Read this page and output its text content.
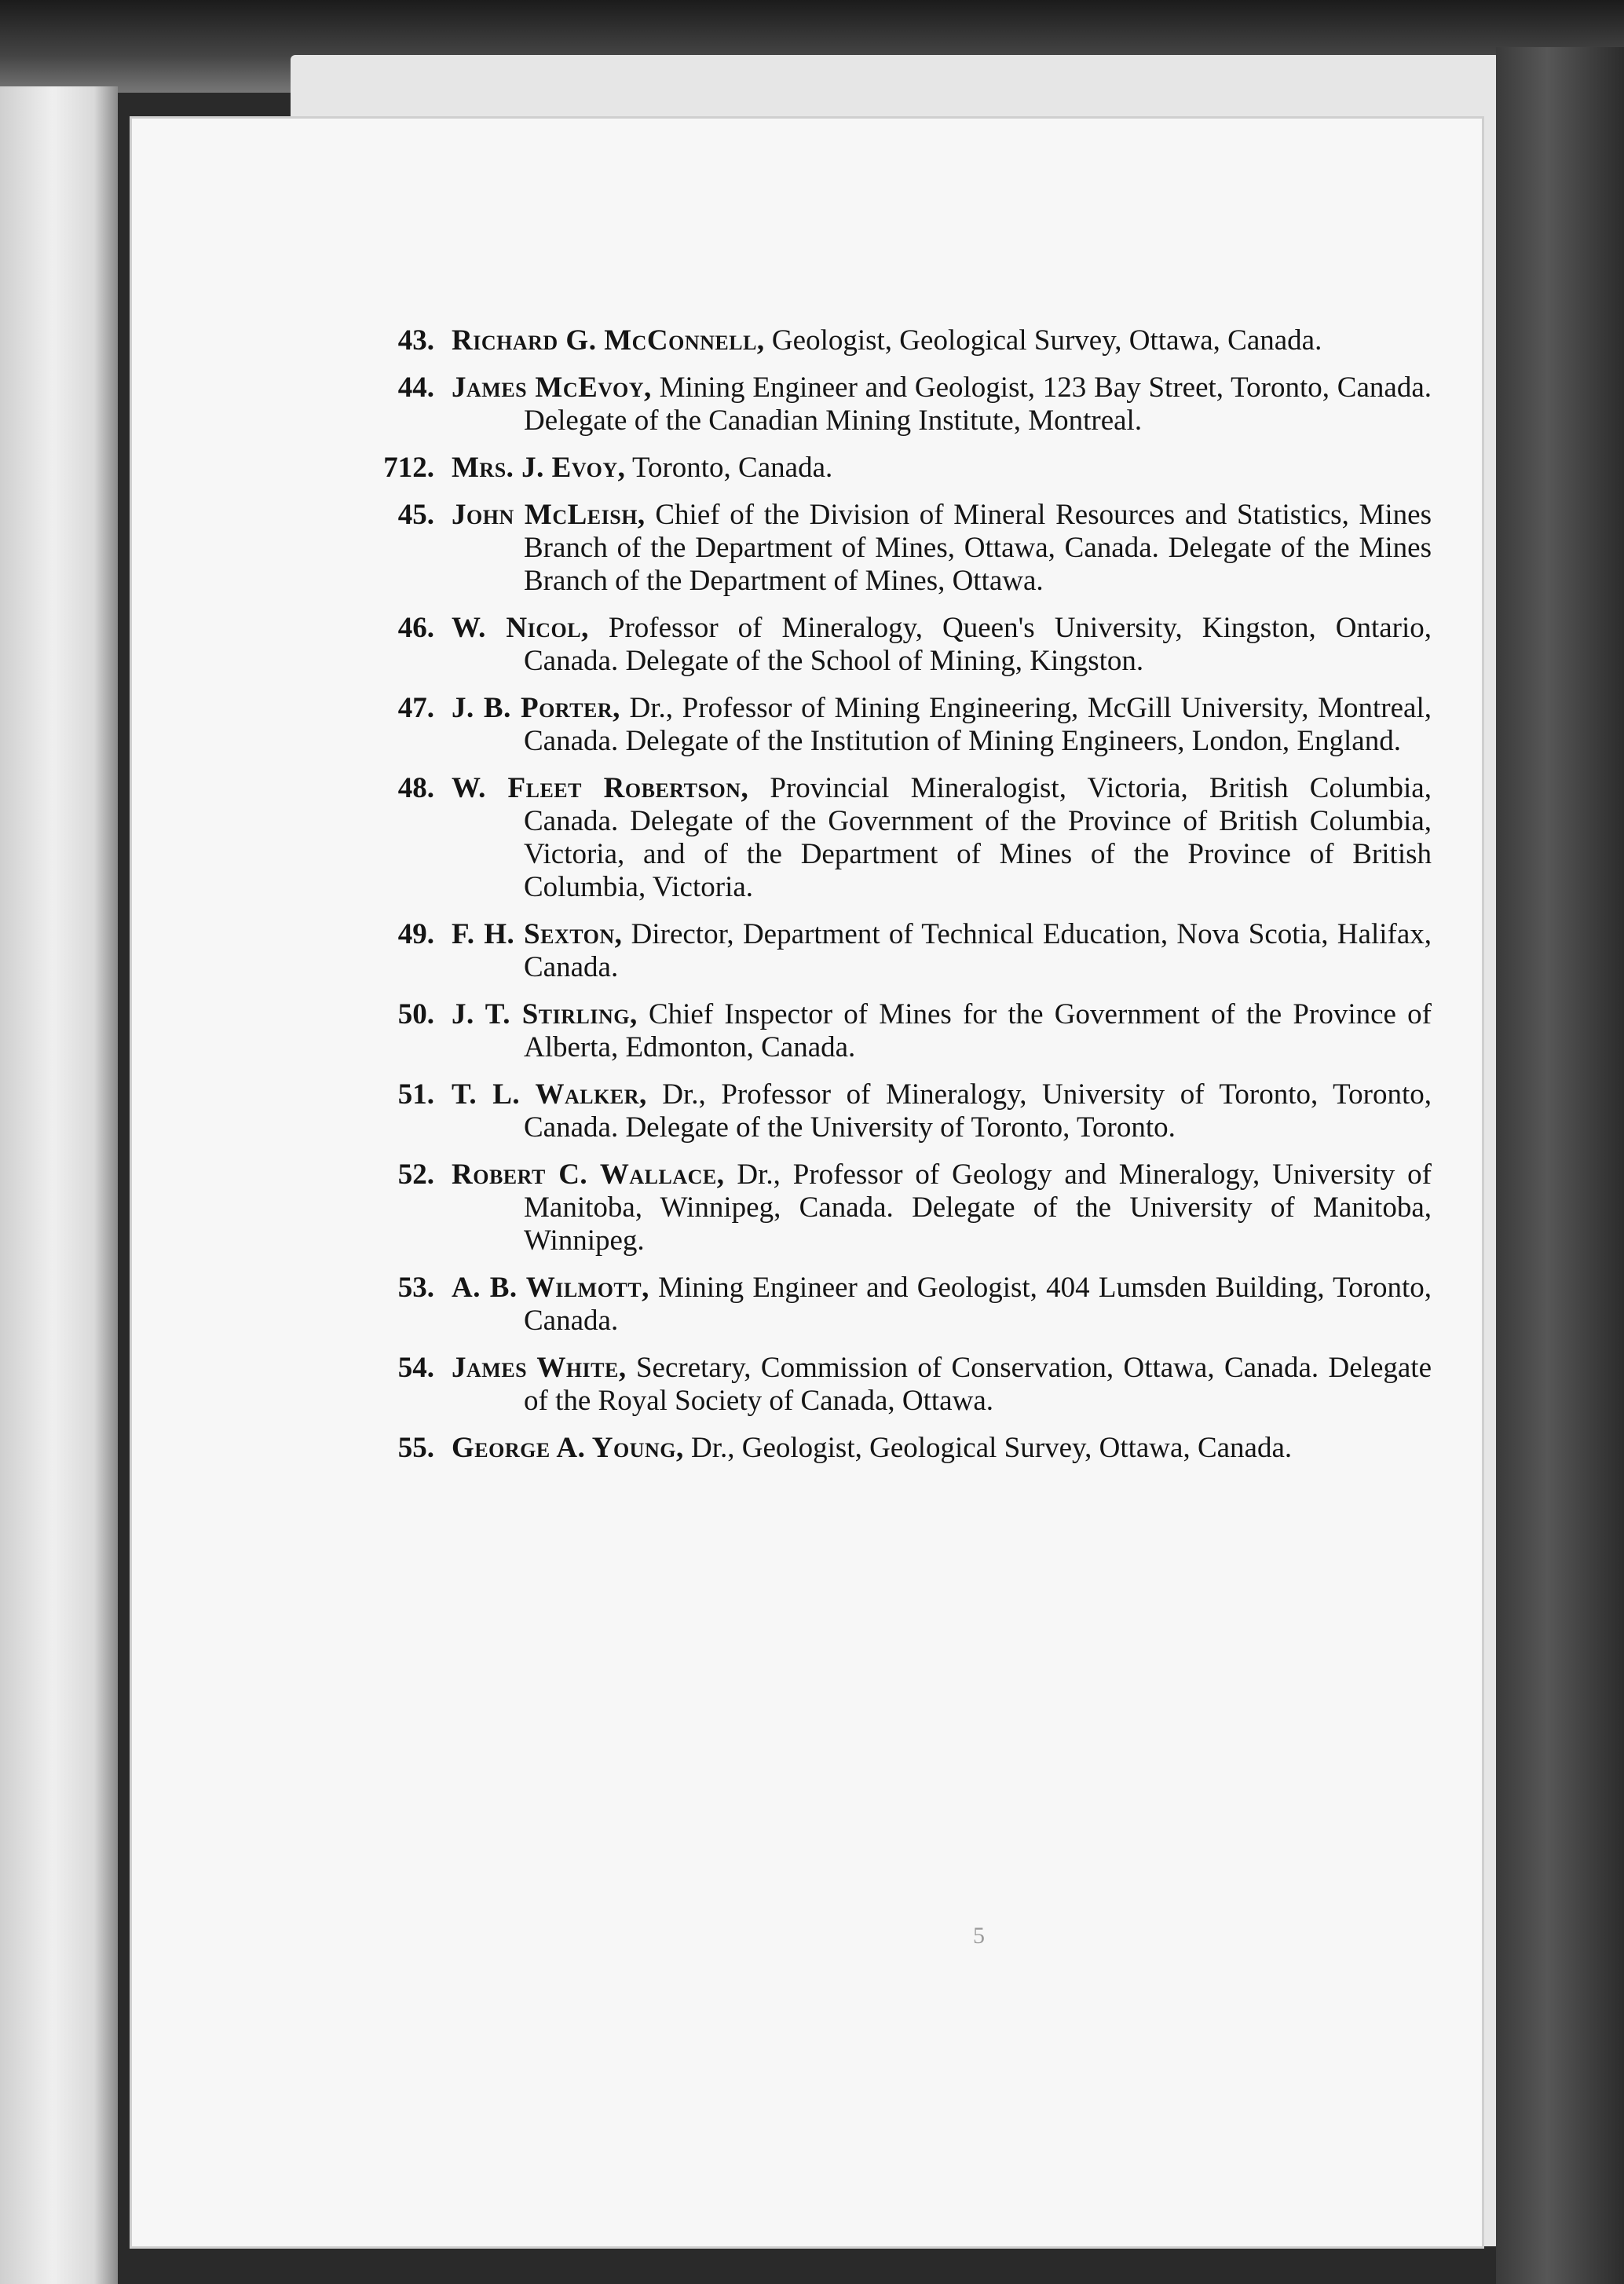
43. Richard G. McConnell, Geologist, Geological Survey, Ottawa, Canada.
44. James McEvoy, Mining Engineer and Geologist, 123 Bay Street, Toronto, Canada. Delegate of the Canadian Mining Institute, Montreal.
712. Mrs. J. Evoy, Toronto, Canada.
45. John McLeish, Chief of the Division of Mineral Resources and Statistics, Mines Branch of the Department of Mines, Ottawa, Canada. Delegate of the Mines Branch of the Department of Mines, Ottawa.
46. W. Nicol, Professor of Mineralogy, Queen's University, Kingston, Ontario, Canada. Delegate of the School of Mining, Kingston.
47. J. B. Porter, Dr., Professor of Mining Engineering, McGill University, Montreal, Canada. Delegate of the Institution of Mining Engineers, London, England.
48. W. Fleet Robertson, Provincial Mineralogist, Victoria, British Columbia, Canada. Delegate of the Government of the Province of British Columbia, Victoria, and of the Department of Mines of the Province of British Columbia, Victoria.
49. F. H. Sexton, Director, Department of Technical Education, Nova Scotia, Halifax, Canada.
50. J. T. Stirling, Chief Inspector of Mines for the Government of the Province of Alberta, Edmonton, Canada.
51. T. L. Walker, Dr., Professor of Mineralogy, University of Toronto, Toronto, Canada. Delegate of the University of Toronto, Toronto.
52. Robert C. Wallace, Dr., Professor of Geology and Mineralogy, University of Manitoba, Winnipeg, Canada. Delegate of the University of Manitoba, Winnipeg.
53. A. B. Wilmott, Mining Engineer and Geologist, 404 Lumsden Building, Toronto, Canada.
54. James White, Secretary, Commission of Conservation, Ottawa, Canada. Delegate of the Royal Society of Canada, Ottawa.
55. George A. Young, Dr., Geologist, Geological Survey, Ottawa, Canada.
5
